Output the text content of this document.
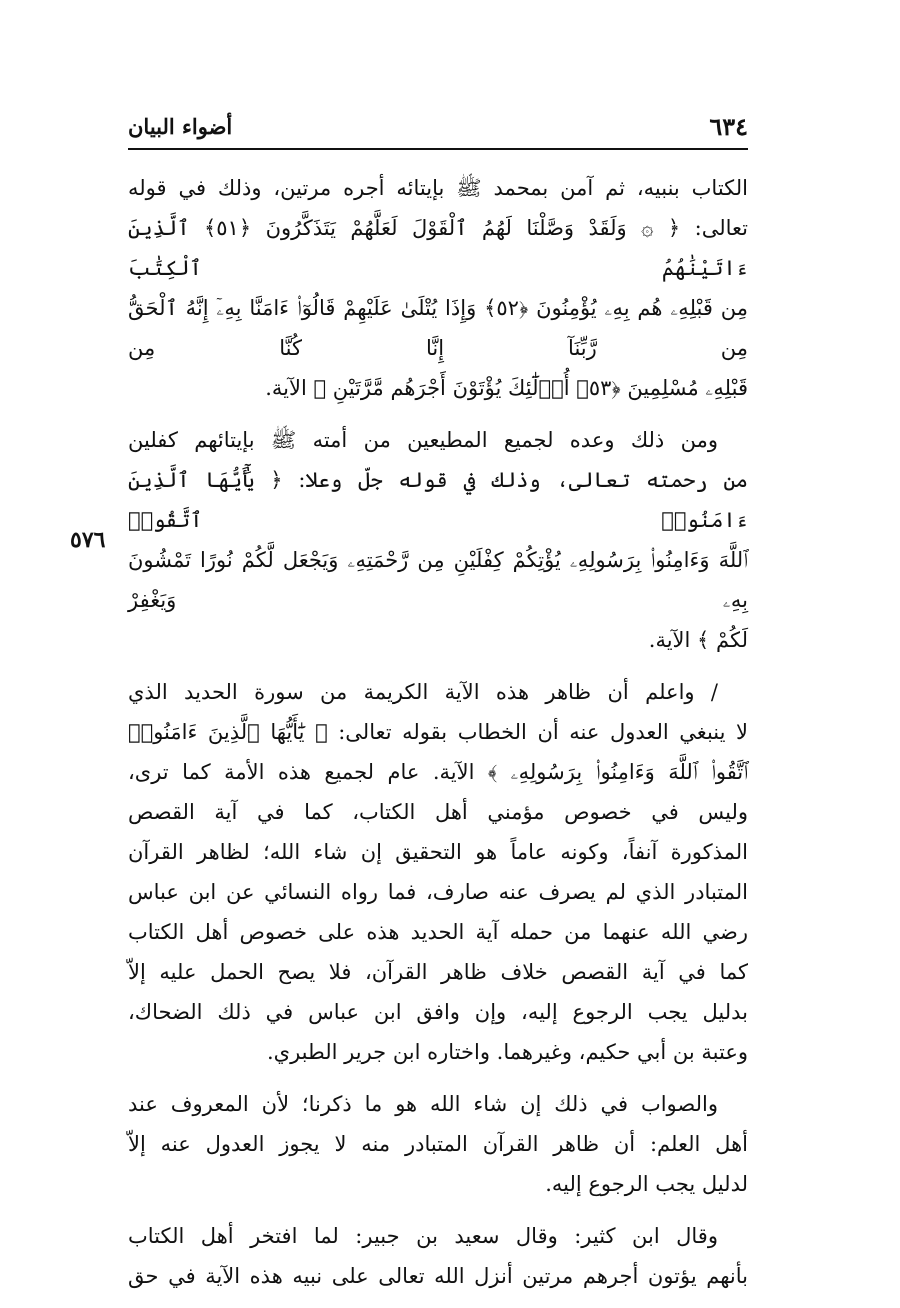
أضواء البيان	٦٣٤
٥٧٦

الكتاب بنبيه، ثم آمن بمحمد ﷺ بإيتائه أجره مرتين، وذلك في قوله
تعالى: ﴿ ۞ وَلَقَدْ وَصَّلْنَا لَهُمُ ٱلْقَوْلَ لَعَلَّهُمْ يَتَذَكَّرُونَ ﴿٥١﴾ ٱلَّذِينَ ءَاتَيْنَٰهُمُ ٱلْكِتَٰبَ
مِن قَبْلِهِۦ هُم بِهِۦ يُؤْمِنُونَ ﴿٥٢﴾ وَإِذَا يُتْلَىٰ عَلَيْهِمْ قَالُوٓا۟ ءَامَنَّا بِهِۦٓ إِنَّهُ ٱلْحَقُّ مِن رَّبِّنَآ إِنَّا كُنَّا مِن
قَبْلِهِۦ مُسْلِمِينَ ﴿٥٣﴾ أُو۟لَٰٓئِكَ يُؤْتَوْنَ أَجْرَهُم مَّرَّتَيْنِ ﴾ الآية.

ومن ذلك وعده لجميع المطيعين من أمته ﷺ بإيتائهم كفلين
من رحمته تعالى، وذلك في قوله جلّ وعلا: ﴿ يَٰٓأَيُّهَا ٱلَّذِينَ ءَامَنُوا۟ ٱتَّقُوا۟
ٱللَّهَ وَءَامِنُوا۟ بِرَسُولِهِۦ يُؤْتِكُمْ كِفْلَيْنِ مِن رَّحْمَتِهِۦ وَيَجْعَل لَّكُمْ نُورًا تَمْشُونَ بِهِۦ وَيَغْفِرْ
لَكُمْ ﴾ الآية.

/ واعلم أن ظاهر هذه الآية الكريمة من سورة الحديد الذي
لا ينبغي العدول عنه أن الخطاب بقوله تعالى: ﴿ يَٰٓأَيُّهَا ٱلَّذِينَ ءَامَنُوا۟
ٱتَّقُوا۟ ٱللَّهَ وَءَامِنُوا۟ بِرَسُولِهِۦ ﴾ الآية. عام لجميع هذه الأمة كما ترى،
وليس في خصوص مؤمني أهل الكتاب، كما في آية القصص
المذكورة آنفاً، وكونه عاماً هو التحقيق إن شاء الله؛ لظاهر القرآن
المتبادر الذي لم يصرف عنه صارف، فما رواه النسائي عن ابن عباس
رضي الله عنهما من حمله آية الحديد هذه على خصوص أهل الكتاب
كما في آية القصص خلاف ظاهر القرآن، فلا يصح الحمل عليه إلاّ
بدليل يجب الرجوع إليه، وإن وافق ابن عباس في ذلك الضحاك،
وعتبة بن أبي حكيم، وغيرهما. واختاره ابن جرير الطبري.

والصواب في ذلك إن شاء الله هو ما ذكرنا؛ لأن المعروف عند
أهل العلم: أن ظاهر القرآن المتبادر منه لا يجوز العدول عنه إلاّ
لدليل يجب الرجوع إليه.

وقال ابن كثير: وقال سعيد بن جبير: لما افتخر أهل الكتاب
بأنهم يؤتون أجرهم مرتين أنزل الله تعالى على نبيه هذه الآية في حق
